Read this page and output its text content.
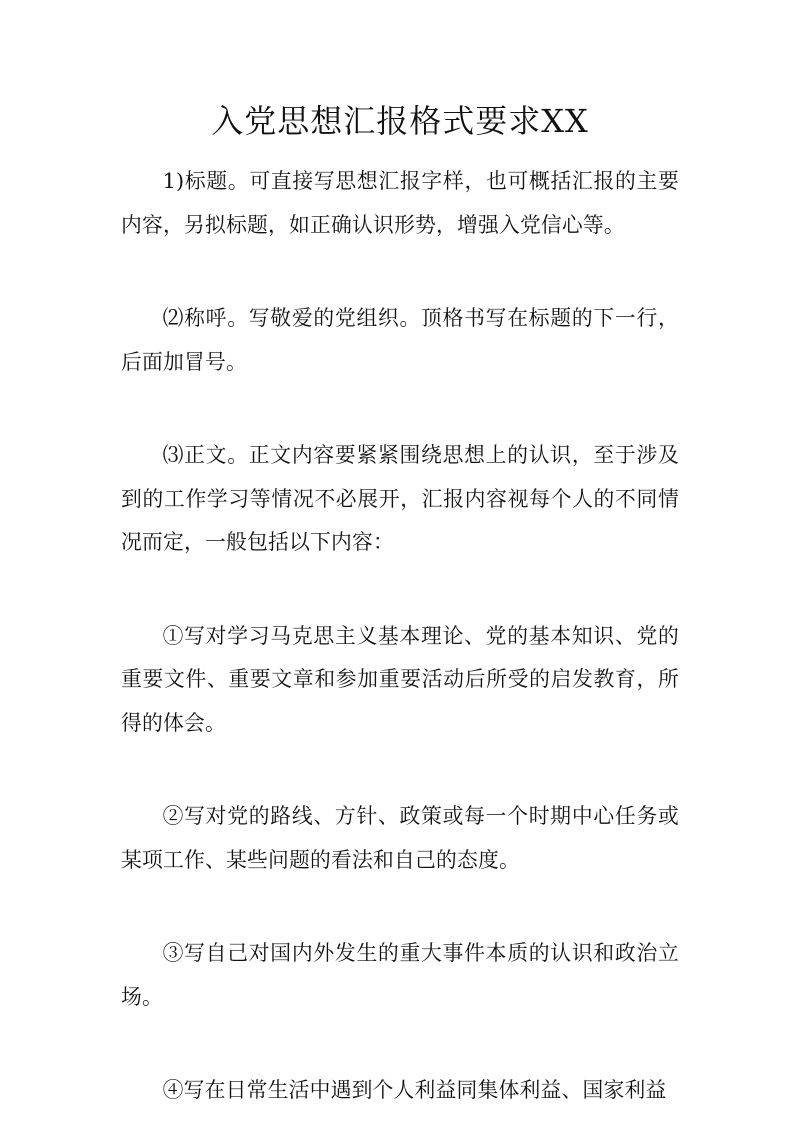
入党思想汇报格式要求XX

1)标题。可直接写思想汇报字样，也可概括汇报的主要内容，另拟标题，如正确认识形势，增强入党信心等。

⑵称呼。写敬爱的党组织。顶格书写在标题的下一行，后面加冒号。

⑶正文。正文内容要紧紧围绕思想上的认识，至于涉及到的工作学习等情况不必展开，汇报内容视每个人的不同情况而定，一般包括以下内容：

①写对学习马克思主义基本理论、党的基本知识、党的重要文件、重要文章和参加重要活动后所受的启发教育，所得的体会。

②写对党的路线、方针、政策或每一个时期中心任务或某项工作、某些问题的看法和自己的态度。

③写自己对国内外发生的重大事件本质的认识和政治立场。

④写在日常生活中遇到个人利益同集体利益、国家利益
